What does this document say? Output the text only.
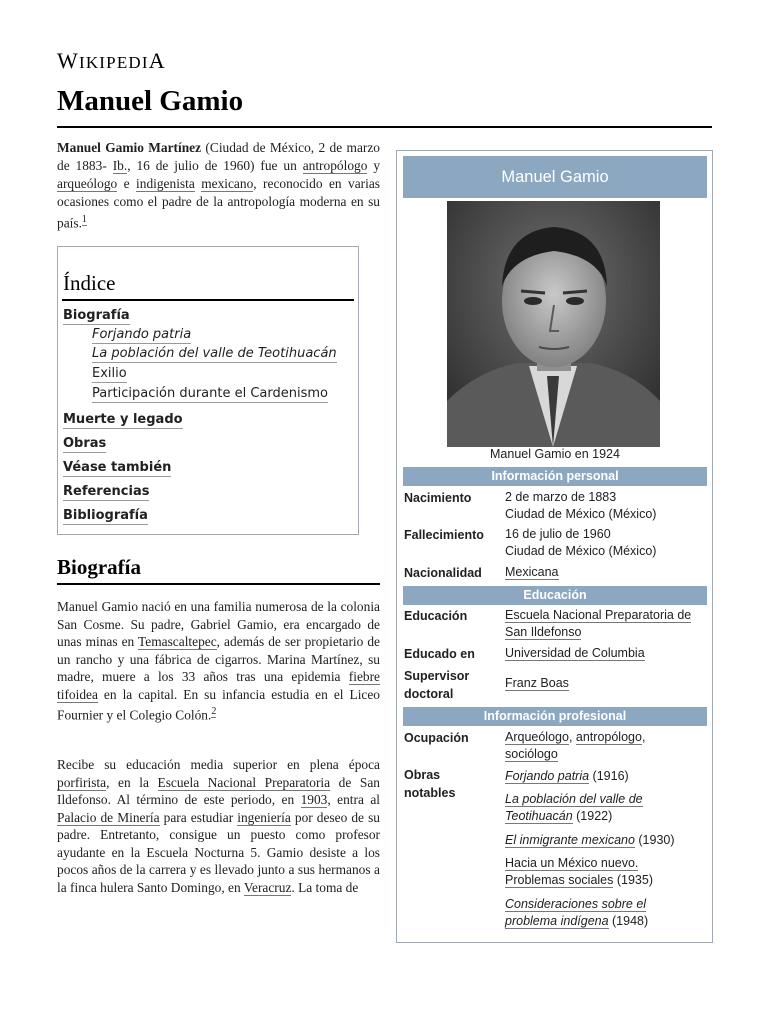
WIKIPEDIA
Manuel Gamio

Manuel Gamio Martínez (Ciudad de México, 2 de marzo de 1883- Ib., 16 de julio de 1960) fue un antropólogo y arqueólogo e indigenista mexicano, reconocido en varias ocasiones como el padre de la antropología moderna en su país.$^1$

Índice
Biografía
Forjando patria
La población del valle de Teotihuacán
Exilio
Participación durante el Cardenismo
Muerte y legado
Obras
Véase también
Referencias
Bibliografía
Biografía

Manuel Gamio nació en una familia numerosa de la colonia San Cosme. Su padre, Gabriel Gamio, era encargado de unas minas en Temascaltepec, además de ser propietario de un rancho y una fábrica de cigarros. Marina Martínez, su madre, muere a los 33 años tras una epidemia fiebre tifoidea en la capital. En su infancia estudia en el Liceo Fournier y el Colegio Colón.$^2$

Recibe su educación media superior en plena época porfirista, en la Escuela Nacional Preparatoria de San Ildefonso. Al término de este periodo, en 1903, entra al Palacio de Minería para estudiar ingeniería por deseo de su padre. Entretanto, consigue un puesto como profesor ayudante en la Escuela Nocturna 5. Gamio desiste a los pocos años de la carrera y es llevado junto a sus hermanos a la finca hulera Santo Domingo, en Veracruz. La toma de

Manuel Gamio
Manuel Gamio en 1924
Información personal
Nacimiento	2 de marzo de 1883
Ciudad de México (México)
Fallecimiento 16 de julio de 1960
Ciudad de México (México)
Nacionalidad Mexicana
Educación
Educación	Escuela Nacional Preparatoria de San Ildefonso
Educado en Universidad de Columbia
Supervisor doctoral
Franz Boas
Información profesional
Ocupación	Arqueólogo, antropólogo,
sociólogo
Obras notables
Forjando patria (1916)
La población del valle de Teotihuacán (1922)
El inmigrante mexicano (1930)
Hacia un México nuevo. Problemas sociales (1935)
Consideraciones sobre el problema indígena (1948)
